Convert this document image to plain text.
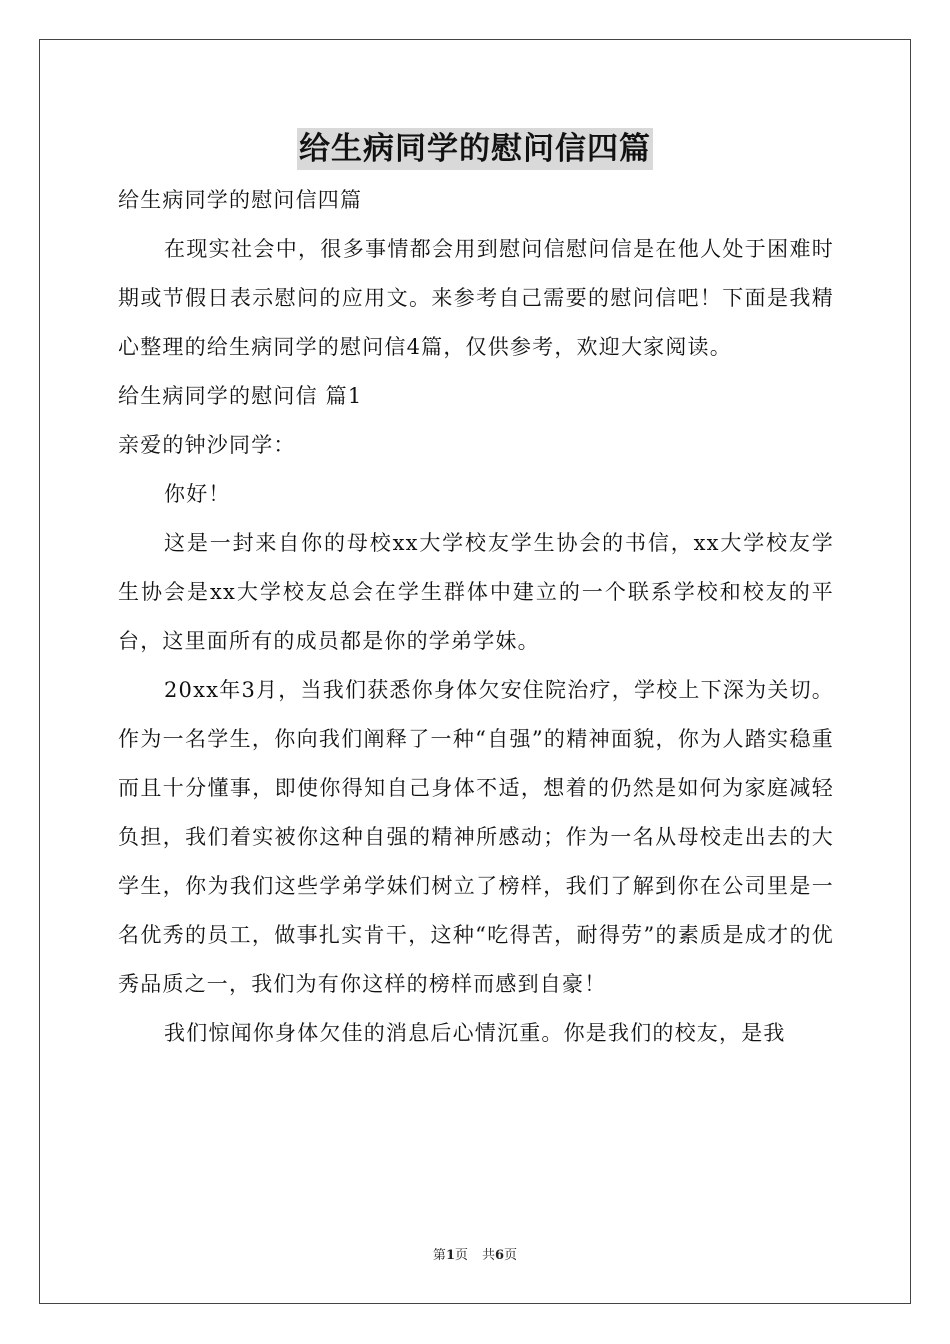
给生病同学的慰问信四篇

给生病同学的慰问信四篇

在现实社会中，很多事情都会用到慰问信慰问信是在他人处于困难时期或节假日表示慰问的应用文。来参考自己需要的慰问信吧！下面是我精心整理的给生病同学的慰问信4篇，仅供参考，欢迎大家阅读。

给生病同学的慰问信 篇1

亲爱的钟沙同学：

你好！

这是一封来自你的母校xx大学校友学生协会的书信，xx大学校友学生协会是xx大学校友总会在学生群体中建立的一个联系学校和校友的平台，这里面所有的成员都是你的学弟学妹。

20xx年3月，当我们获悉你身体欠安住院治疗，学校上下深为关切。作为一名学生，你向我们阐释了一种“自强”的精神面貌，你为人踏实稳重而且十分懂事，即使你得知自己身体不适，想着的仍然是如何为家庭减轻负担，我们着实被你这种自强的精神所感动；作为一名从母校走出去的大学生，你为我们这些学弟学妹们树立了榜样，我们了解到你在公司里是一名优秀的员工，做事扎实肯干，这种“吃得苦，耐得劳”的素质是成才的优秀品质之一，我们为有你这样的榜样而感到自豪！

我们惊闻你身体欠佳的消息后心情沉重。你是我们的校友，是我

第1页 共6页
